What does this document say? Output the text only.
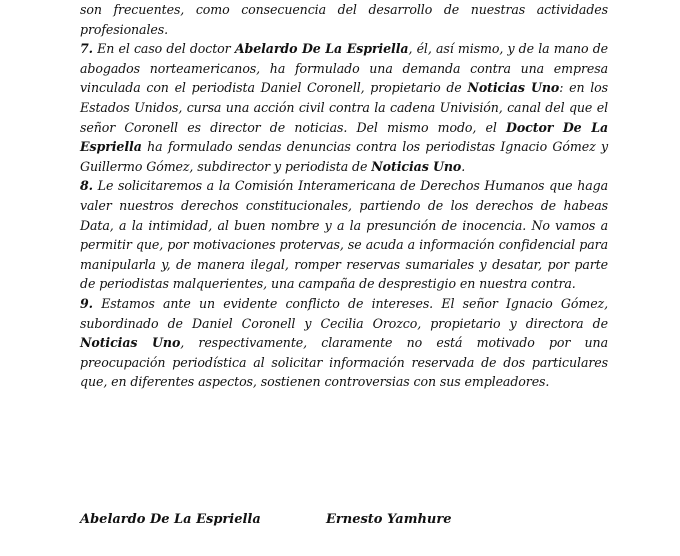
son frecuentes, como consecuencia del desarrollo de nuestras actividades profesionales.

7. En el caso del doctor Abelardo De La Espriella, él, así mismo, y de la mano de abogados norteamericanos, ha formulado una demanda contra una empresa vinculada con el periodista Daniel Coronell, propietario de Noticias Uno: en los Estados Unidos, cursa una acción civil contra la cadena Univisión, canal del que el señor Coronell es director de noticias. Del mismo modo, el Doctor De La Espriella ha formulado sendas denuncias contra los periodistas Ignacio Gómez y Guillermo Gómez, subdirector y periodista de Noticias Uno.

8. Le solicitaremos a la Comisión Interamericana de Derechos Humanos que haga valer nuestros derechos constitucionales, partiendo de los derechos de habeas Data, a la intimidad, al buen nombre y a la presunción de inocencia. No vamos a permitir que, por motivaciones protervas, se acuda a información confidencial para manipularla y, de manera ilegal, romper reservas sumariales y desatar, por parte de periodistas malquerientes, una campaña de desprestigio en nuestra contra.

9. Estamos ante un evidente conflicto de intereses. El señor Ignacio Gómez, subordinado de Daniel Coronell y Cecilia Orozco, propietario y directora de Noticias Uno, respectivamente, claramente no está motivado por una preocupación periodística al solicitar información reservada de dos particulares que, en diferentes aspectos, sostienen controversias con sus empleadores.

Abelardo De La Espriella	Ernesto Yamhure
